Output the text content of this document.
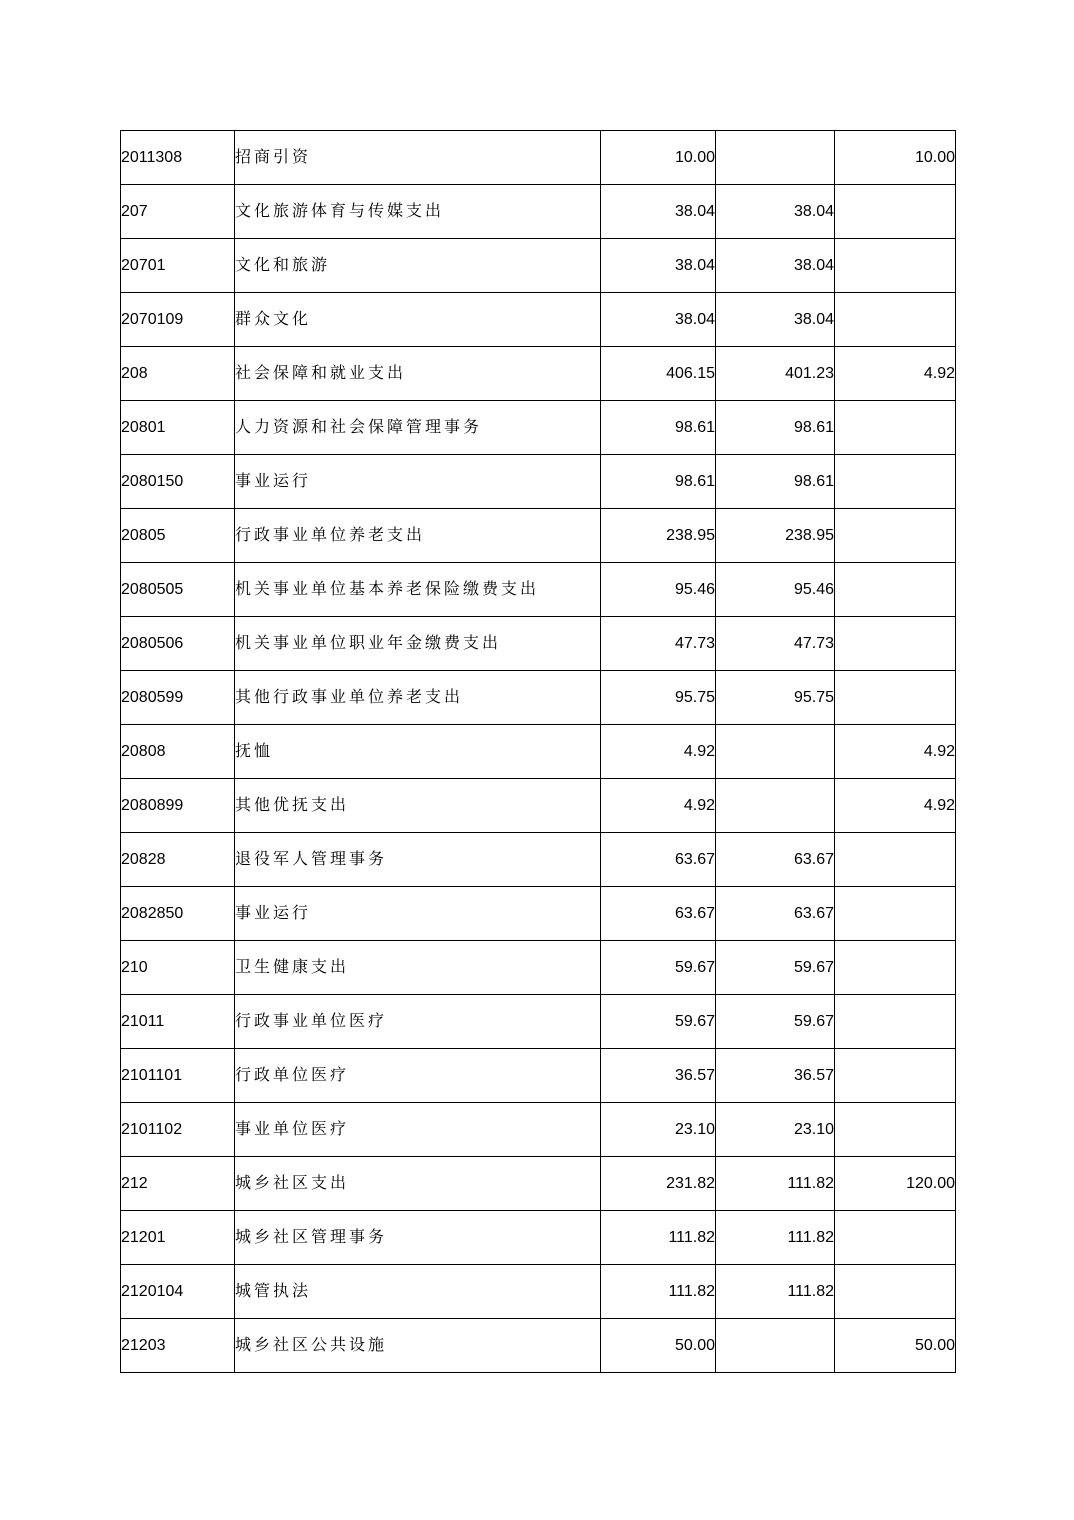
2011308	招商引资	10.00		10.00
207	文化旅游体育与传媒支出	38.04	38.04	
20701	文化和旅游	38.04	38.04	
2070109	群众文化	38.04	38.04	
208	社会保障和就业支出	406.15	401.23	4.92
20801	人力资源和社会保障管理事务	98.61	98.61	
2080150	事业运行	98.61	98.61	
20805	行政事业单位养老支出	238.95	238.95	
2080505	机关事业单位基本养老保险缴费支出	95.46	95.46	
2080506	机关事业单位职业年金缴费支出	47.73	47.73	
2080599	其他行政事业单位养老支出	95.75	95.75	
20808	抚恤	4.92		4.92
2080899	其他优抚支出	4.92		4.92
20828	退役军人管理事务	63.67	63.67	
2082850	事业运行	63.67	63.67	
210	卫生健康支出	59.67	59.67	
21011	行政事业单位医疗	59.67	59.67	
2101101	行政单位医疗	36.57	36.57	
2101102	事业单位医疗	23.10	23.10	
212	城乡社区支出	231.82	111.82	120.00
21201	城乡社区管理事务	111.82	111.82	
2120104	城管执法	111.82	111.82	
21203	城乡社区公共设施	50.00		50.00
